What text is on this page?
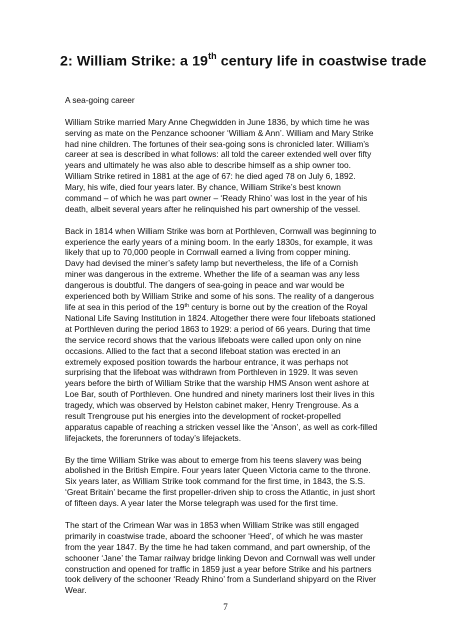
2: William Strike: a 19th century life in coastwise trade
A sea-going career
William Strike married Mary Anne Chegwidden in June 1836, by which time he was
serving as mate on the Penzance schooner ‘William & Ann’. William and Mary Strike
had nine children. The fortunes of their sea-going sons is chronicled later. William’s
career at sea is described in what follows: all told the career extended well over fifty
years and ultimately he was also able to describe himself as a ship owner too.
William Strike retired in 1881 at the age of 67: he died aged 78 on July 6, 1892.
Mary, his wife, died four years later. By chance, William Strike’s best known
command – of which he was part owner – ‘Ready Rhino’ was lost in the year of his
death, albeit several years after he relinquished his part ownership of the vessel.
Back in 1814 when William Strike was born at Porthleven, Cornwall was beginning to
experience the early years of a mining boom. In the early 1830s, for example, it was
likely that up to 70,000 people in Cornwall earned a living from copper mining.
Davy had devised the miner’s safety lamp but nevertheless, the life of a Cornish
miner was dangerous in the extreme. Whether the life of a seaman was any less
dangerous is doubtful. The dangers of sea-going in peace and war would be
experienced both by William Strike and some of his sons. The reality of a dangerous
life at sea in this period of the 19th century is borne out by the creation of the Royal
National Life Saving Institution in 1824. Altogether there were four lifeboats stationed
at Porthleven during the period 1863 to 1929: a period of 66 years. During that time
the service record shows that the various lifeboats were called upon only on nine
occasions. Allied to the fact that a second lifeboat station was erected in an
extremely exposed position towards the harbour entrance, it was perhaps not
surprising that the lifeboat was withdrawn from Porthleven in 1929. It was seven
years before the birth of William Strike that the warship HMS Anson went ashore at
Loe Bar, south of Porthleven. One hundred and ninety mariners lost their lives in this
tragedy, which was observed by Helston cabinet maker, Henry Trengrouse. As a
result Trengrouse put his energies into the development of rocket-propelled
apparatus capable of reaching a stricken vessel like the ‘Anson’, as well as cork-filled
lifejackets, the forerunners of today’s lifejackets.
By the time William Strike was about to emerge from his teens slavery was being
abolished in the British Empire. Four years later Queen Victoria came to the throne.
Six years later, as William Strike took command for the first time, in 1843, the S.S.
‘Great Britain’ became the first propeller-driven ship to cross the Atlantic, in just short
of fifteen days. A year later the Morse telegraph was used for the first time.
The start of the Crimean War was in 1853 when William Strike was still engaged
primarily in coastwise trade, aboard the schooner ‘Heed’, of which he was master
from the year 1847. By the time he had taken command, and part ownership, of the
schooner ‘Jane’ the Tamar railway bridge linking Devon and Cornwall was well under
construction and opened for traffic in 1859 just a year before Strike and his partners
took delivery of the schooner ‘Ready Rhino’ from a Sunderland shipyard on the River
Wear.
7
